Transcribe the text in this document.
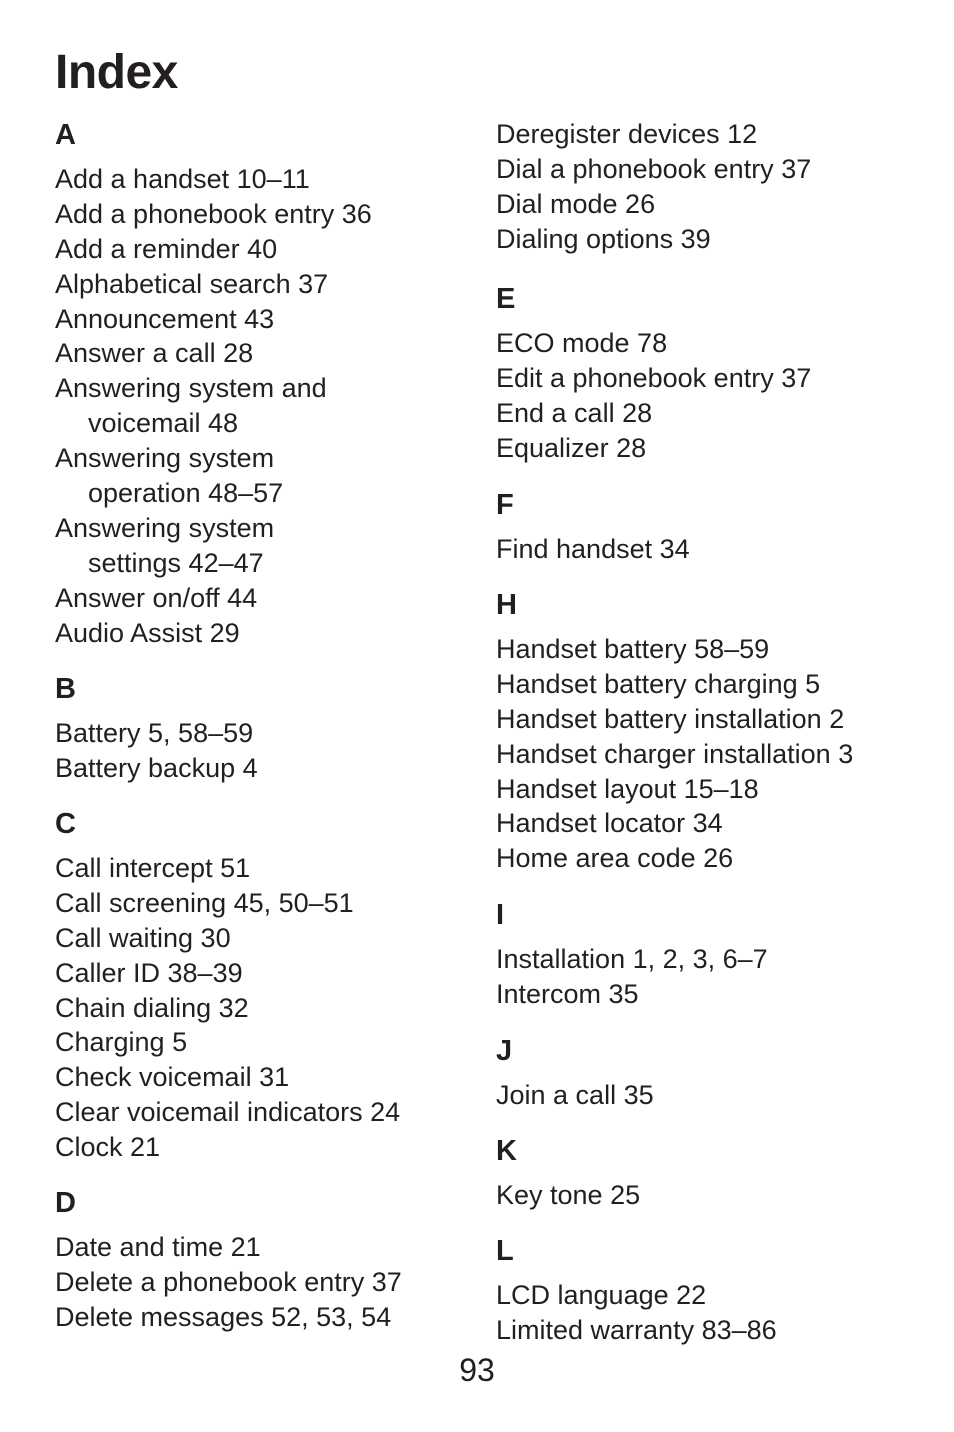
Index
A
Add a handset 10–11
Add a phonebook entry 36
Add a reminder 40
Alphabetical search 37
Announcement 43
Answer a call 28
Answering system and
voicemail 48
Answering system
operation 48–57
Answering system
settings 42–47
Answer on/off 44
Audio Assist 29
B
Battery 5, 58–59
Battery backup 4
C
Call intercept 51
Call screening 45, 50–51
Call waiting 30
Caller ID 38–39
Chain dialing 32
Charging 5
Check voicemail 31
Clear voicemail indicators 24
Clock 21
D
Date and time 21
Delete a phonebook entry 37
Delete messages 52, 53, 54
Deregister devices 12
Dial a phonebook entry 37
Dial mode 26
Dialing options 39
E
ECO mode 78
Edit a phonebook entry 37
End a call 28
Equalizer 28
F
Find handset 34
H
Handset battery 58–59
Handset battery charging 5
Handset battery installation 2
Handset charger installation 3
Handset layout 15–18
Handset locator 34
Home area code 26
I
Installation 1, 2, 3, 6–7
Intercom 35
J
Join a call 35
K
Key tone 25
L
LCD language 22
Limited warranty 83–86
93
